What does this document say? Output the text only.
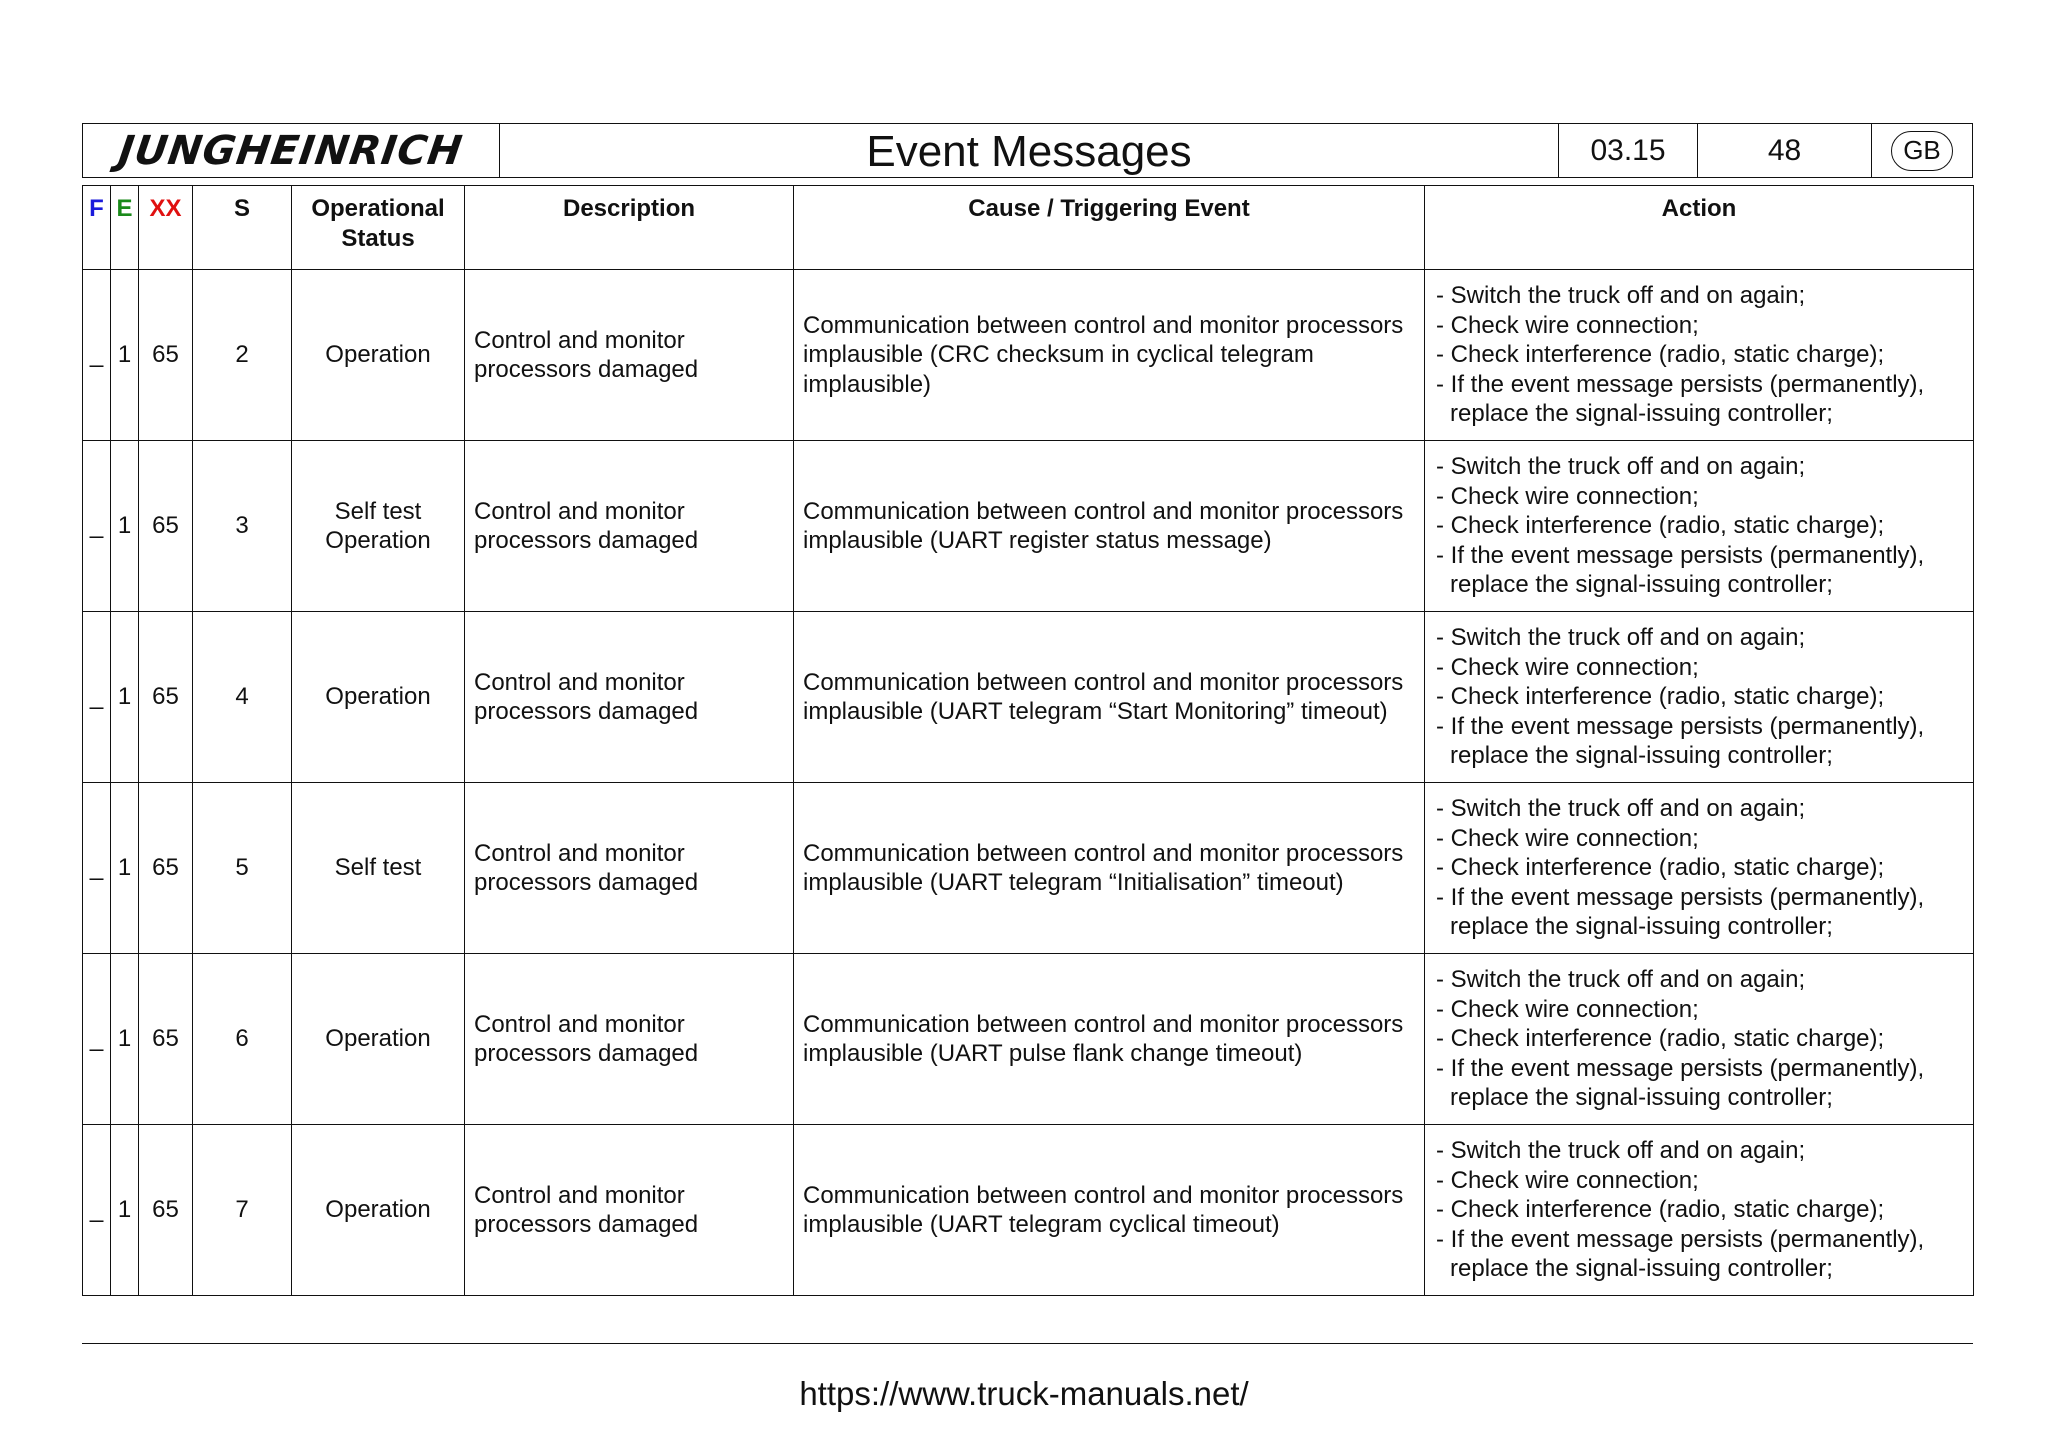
JUNGHEINRICH	Event Messages	03.15	48	GB
F	E	XX	S	Operational Status	Description	Cause / Triggering Event	Action
_	1	65	2	Operation	Control and monitor
processors damaged	Communication between control and monitor processors
implausible (CRC checksum in cyclical telegram
implausible)	- Switch the truck off and on again;
- Check wire connection;
- Check interference (radio, static charge);
- If the event message persists (permanently), replace the signal-issuing controller;

_	1	65	3	Self test
Operation	Control and monitor
processors damaged	Communication between control and monitor processors
implausible (UART register status message)	- Switch the truck off and on again;
- Check wire connection;
- Check interference (radio, static charge);
- If the event message persists (permanently), replace the signal-issuing controller;

_	1	65	4	Operation	Control and monitor
processors damaged	Communication between control and monitor processors
implausible (UART telegram “Start Monitoring” timeout)	- Switch the truck off and on again;
- Check wire connection;
- Check interference (radio, static charge);
- If the event message persists (permanently), replace the signal-issuing controller;

_	1	65	5	Self test	Control and monitor
processors damaged	Communication between control and monitor processors
implausible (UART telegram “Initialisation” timeout)	- Switch the truck off and on again;
- Check wire connection;
- Check interference (radio, static charge);
- If the event message persists (permanently), replace the signal-issuing controller;

_	1	65	6	Operation	Control and monitor
processors damaged	Communication between control and monitor processors
implausible (UART pulse flank change timeout)	- Switch the truck off and on again;
- Check wire connection;
- Check interference (radio, static charge);
- If the event message persists (permanently), replace the signal-issuing controller;

_	1	65	7	Operation	Control and monitor
processors damaged	Communication between control and monitor processors
implausible (UART telegram cyclical timeout)	- Switch the truck off and on again;
- Check wire connection;
- Check interference (radio, static charge);
- If the event message persists (permanently), replace the signal-issuing controller;
https://www.truck-manuals.net/
